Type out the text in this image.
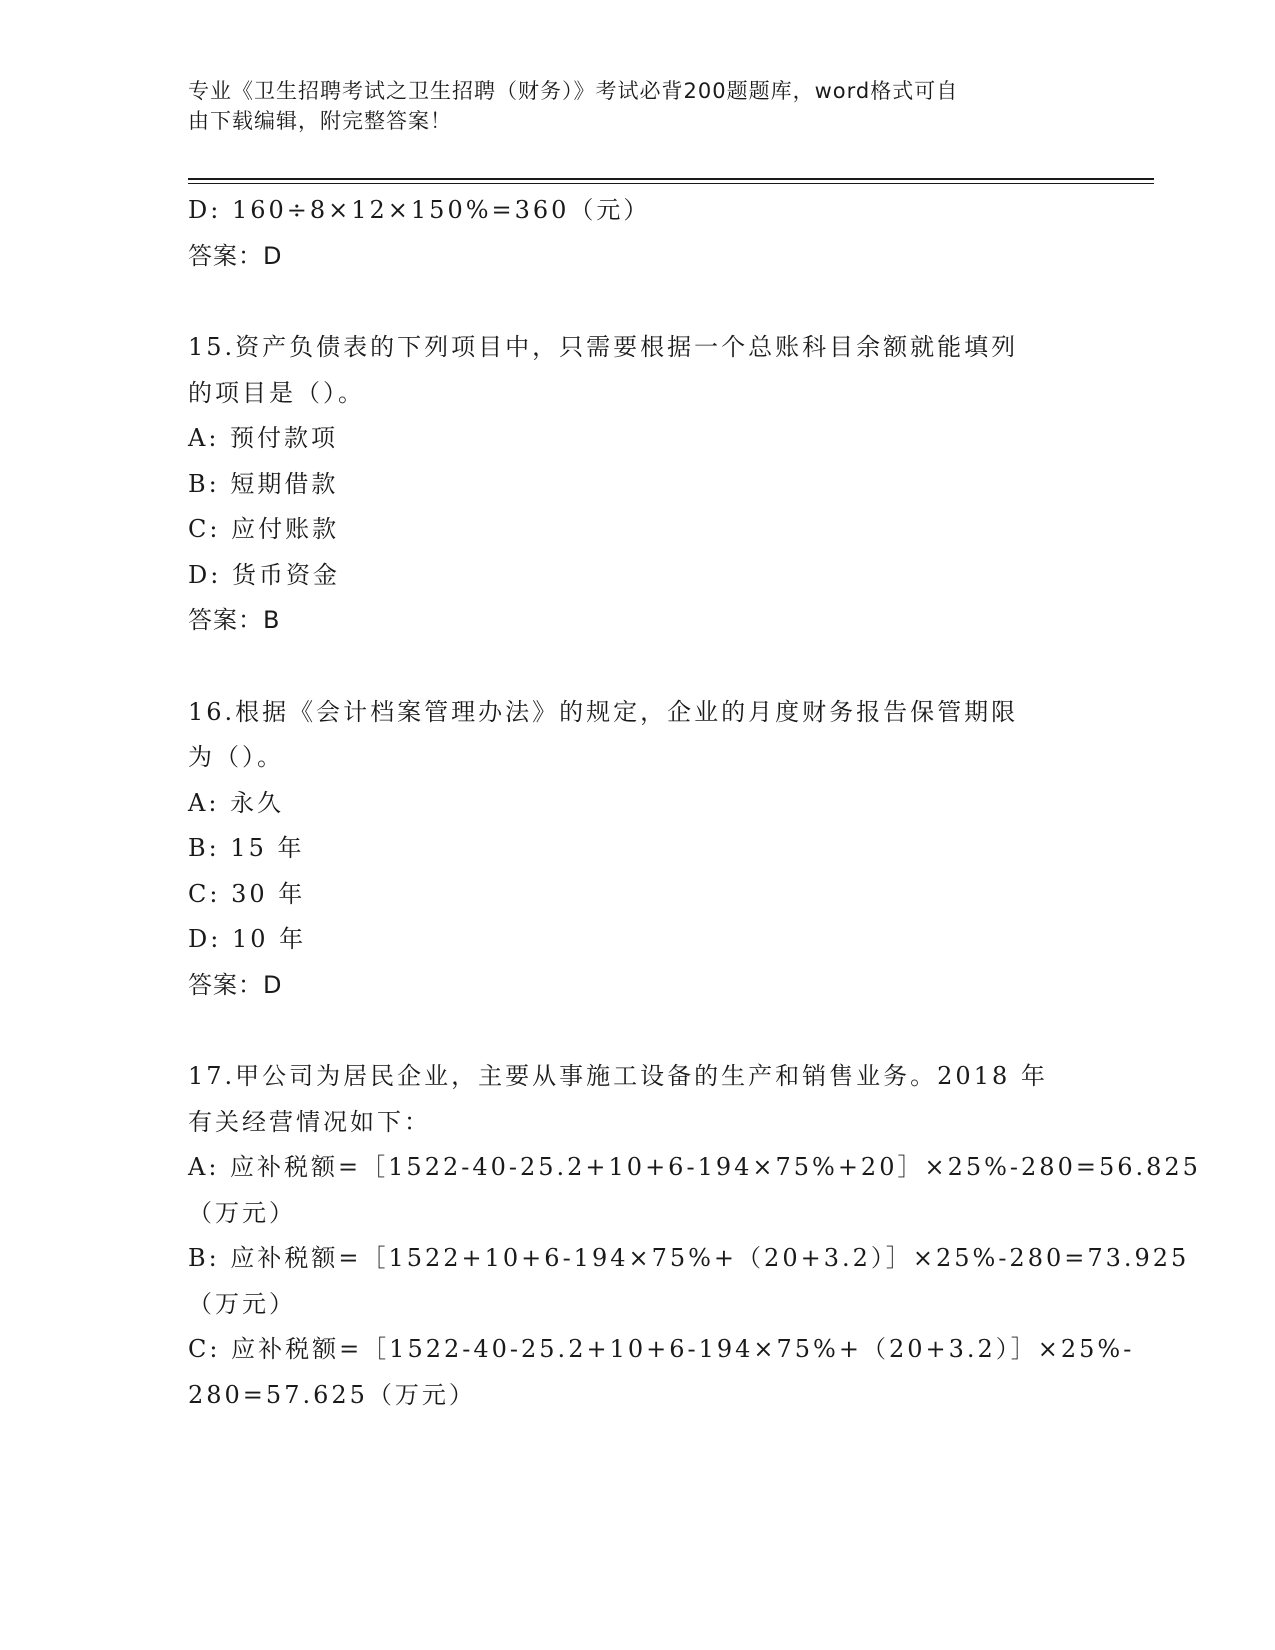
专业《卫生招聘考试之卫生招聘（财务）》考试必背200题题库，word格式可自
由下载编辑，附完整答案！
D: 160÷8×12×150%=360（元）
答案：D
15.资产负债表的下列项目中，只需要根据一个总账科目余额就能填列
的项目是（）。
A: 预付款项
B: 短期借款
C: 应付账款
D: 货币资金
答案：B
16.根据《会计档案管理办法》的规定，企业的月度财务报告保管期限
为（）。
A: 永久
B: 15 年
C: 30 年
D: 10 年
答案：D
17.甲公司为居民企业，主要从事施工设备的生产和销售业务。2018 年
有关经营情况如下：
A: 应补税额=［1522-40-25.2+10+6-194×75%+20］×25%-280=56.825
（万元）
B: 应补税额=［1522+10+6-194×75%+（20+3.2）］×25%-280=73.925
（万元）
C: 应补税额=［1522-40-25.2+10+6-194×75%+（20+3.2）］×25%-
280=57.625（万元）
